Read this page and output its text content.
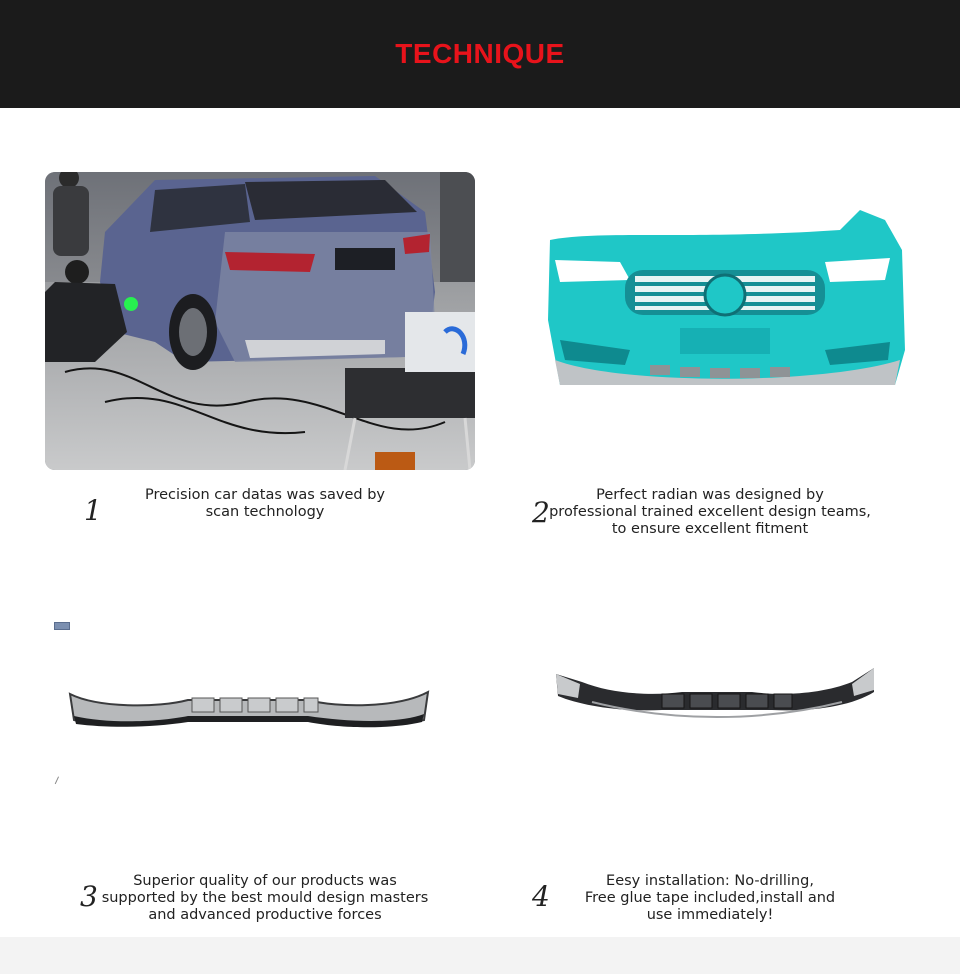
TECHNIQUE
1	Precision car datas was saved by
scan technology	2
Perfect radian was designed by
professional trained excellent design teams,
to ensure excellent fitment
3	Superior quality of our products was
supported by the best mould design masters
and advanced productive forces
4	Eesy installation: No-drilling,
Free glue tape included,install and
use immediately!
